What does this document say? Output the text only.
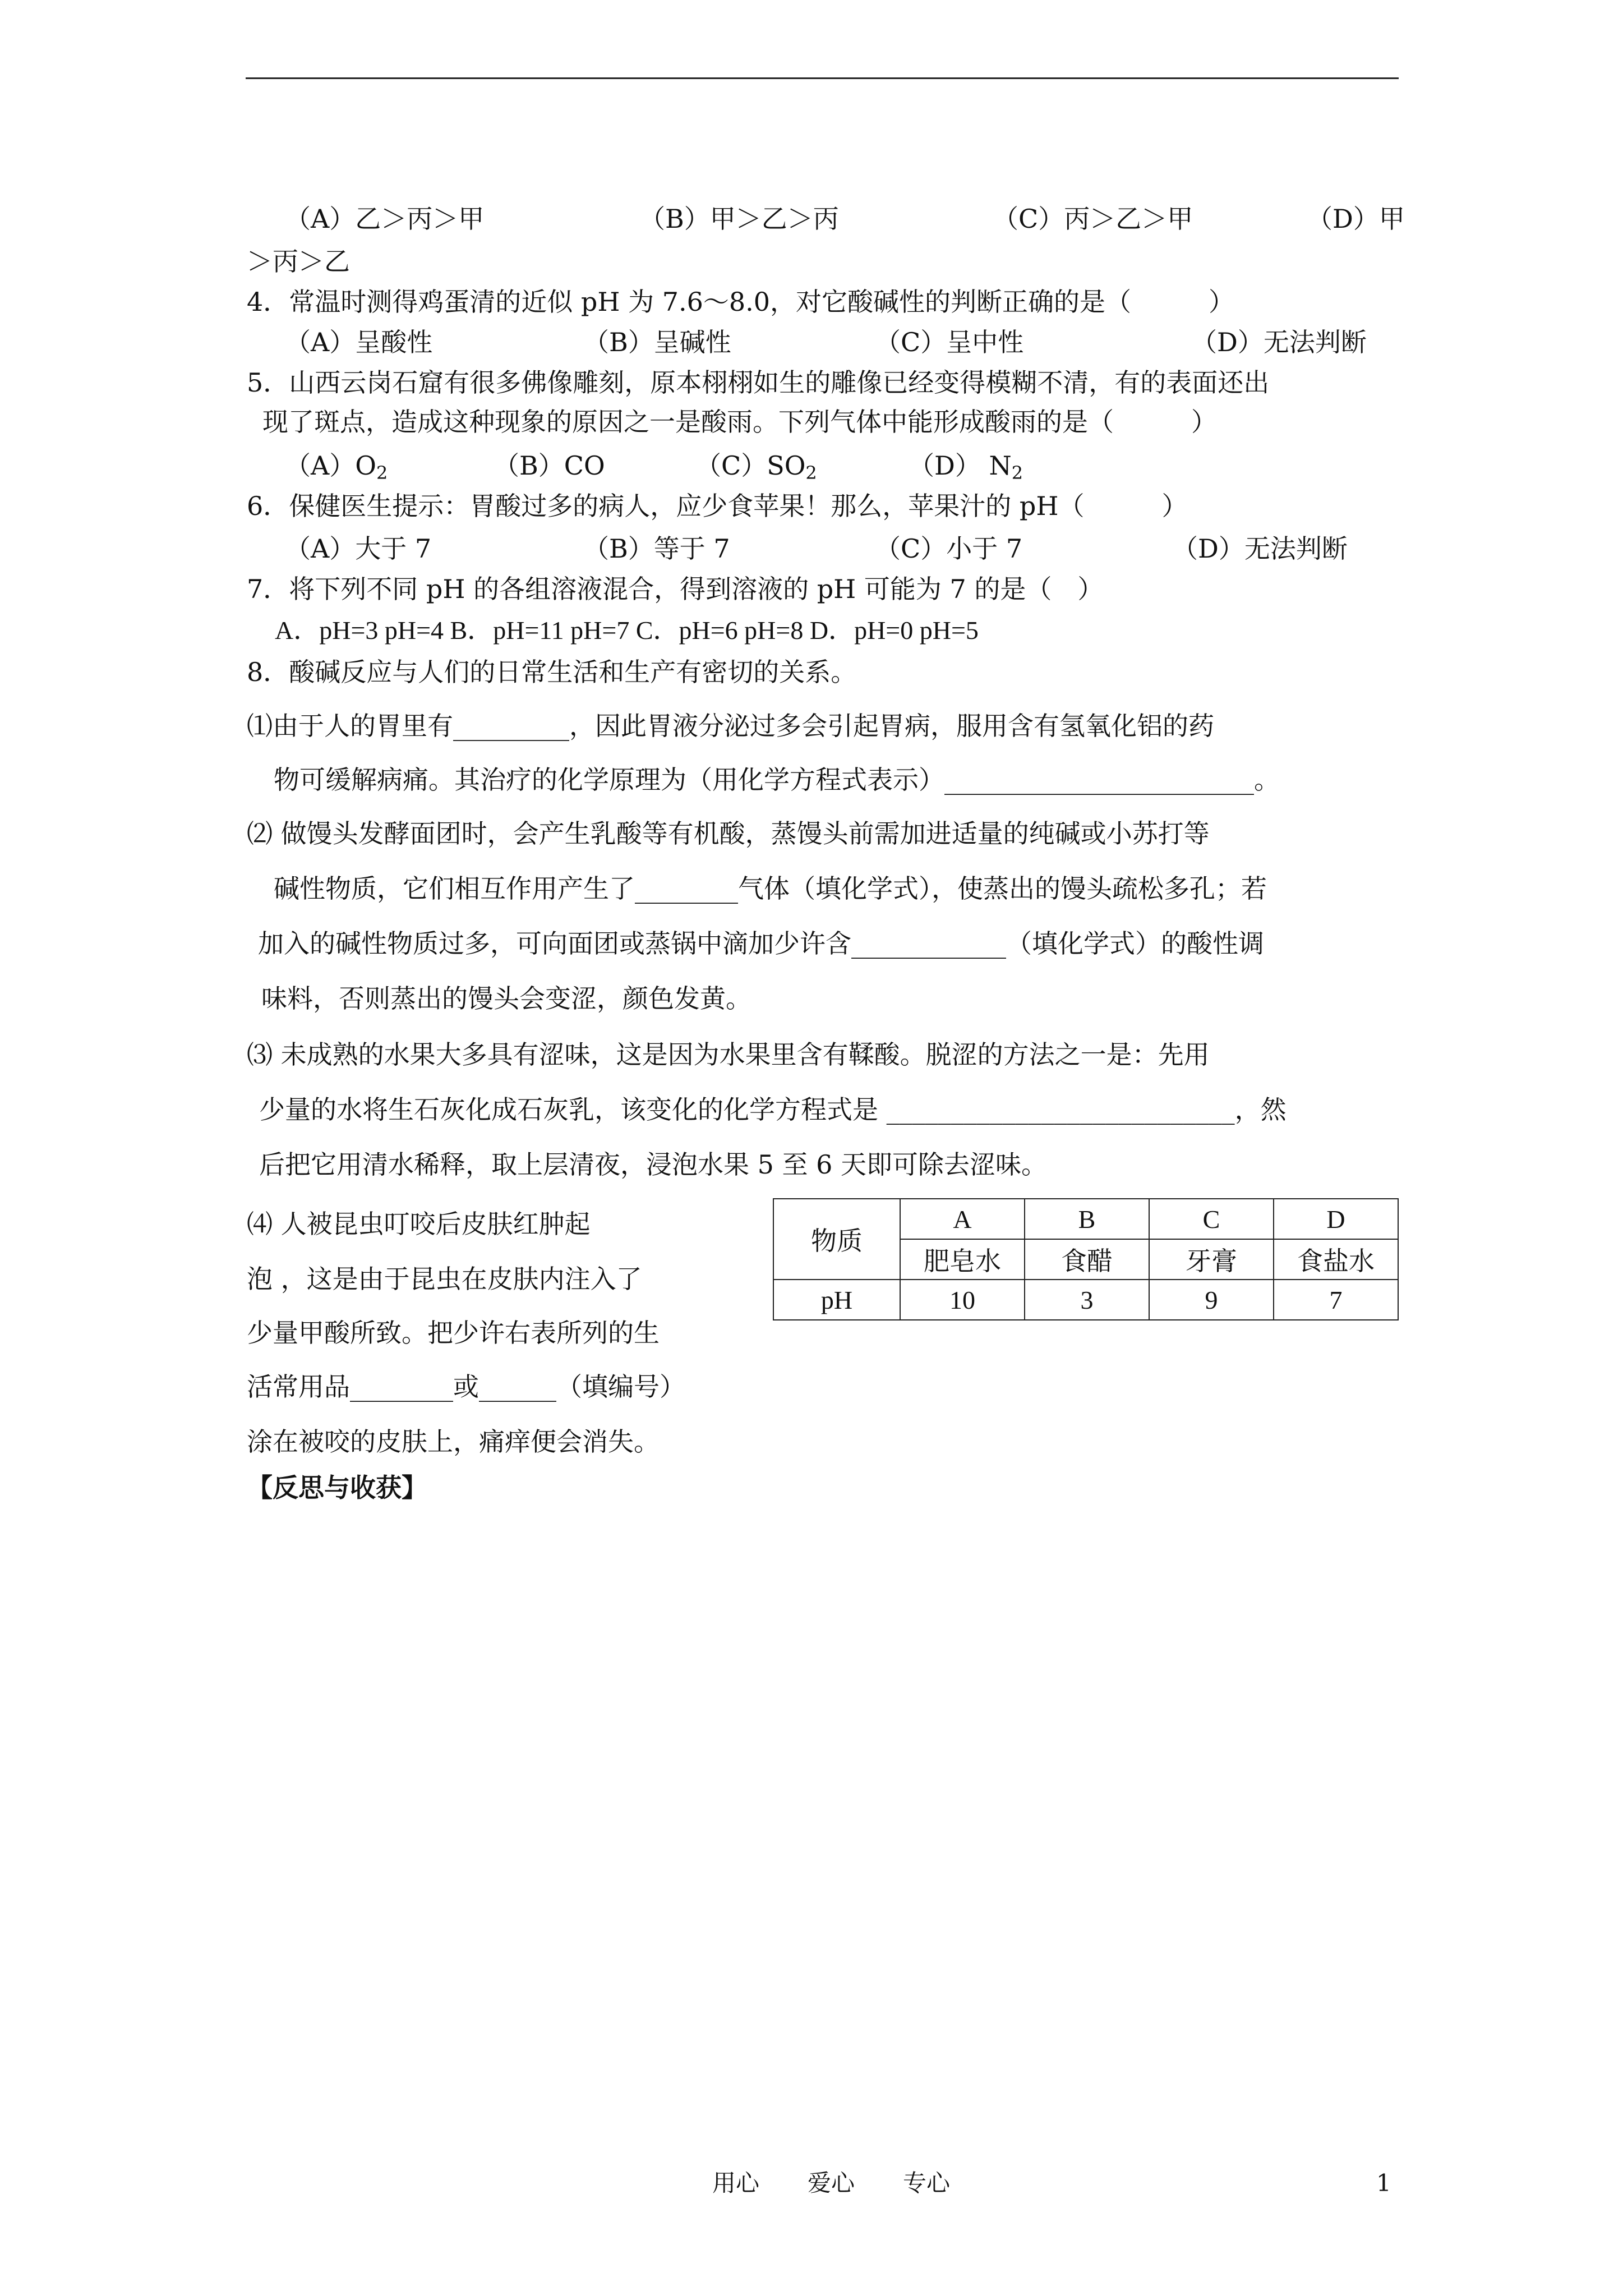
（A）乙＞丙＞甲	（B）甲＞乙＞丙	（C）丙＞乙＞甲	（D）甲
＞丙＞乙
4．常温时测得鸡蛋清的近似 pH 为 7.6～8.0，对它酸碱性的判断正确的是（　　　）
（A）呈酸性	（B）呈碱性	（C）呈中性	（D）无法判断
5．山西云岗石窟有很多佛像雕刻，原本栩栩如生的雕像已经变得模糊不清，有的表面还出
现了斑点，造成这种现象的原因之一是酸雨。下列气体中能形成酸雨的是（　　　）
$(A)O_2$	（B）CO	$(C)SO_2$	（D） $N_2$
6．保健医生提示：胃酸过多的病人，应少食苹果！那么，苹果汁的 pH（　　　）
（A）大于 7	（B）等于 7	（C）小于 7	（D）无法判断
7．将下列不同 pH 的各组溶液混合，得到溶液的 pH 可能为 7 的是（　）
A．pH=3 pH=4 B．pH=11 pH=7 C．pH=6 pH=8 D．pH=0 pH=5
8．酸碱反应与人们的日常生活和生产有密切的关系。
⑴由于人的胃里有_________，因此胃液分泌过多会引起胃病，服用含有氢氧化铝的药
物可缓解病痛。其治疗的化学原理为（用化学方程式表示）________________________。
⑵ 做馒头发酵面团时，会产生乳酸等有机酸，蒸馒头前需加进适量的纯碱或小苏打等
碱性物质，它们相互作用产生了________气体（填化学式），使蒸出的馒头疏松多孔；若
加入的碱性物质过多，可向面团或蒸锅中滴加少许含____________（填化学式）的酸性调
味料，否则蒸出的馒头会变涩，颜色发黄。
⑶ 未成熟的水果大多具有涩味，这是因为水果里含有鞣酸。脱涩的方法之一是：先用
少量的水将生石灰化成石灰乳，该变化的化学方程式是 ___________________________，然
后把它用清水稀释，取上层清夜，浸泡水果 5 至 6 天即可除去涩味。
⑷ 人被昆虫叮咬后皮肤红肿起
泡 ，这是由于昆虫在皮肤内注入了
少量甲酸所致。把少许右表所列的生
活常用品________或______（填编号）
涂在被咬的皮肤上，痛痒便会消失。
物质	A	B	C	D
	肥皂水	食醋	牙膏	食盐水
pH	10	3	9	7
【反思与收获】
用心 爱心 专心	1
